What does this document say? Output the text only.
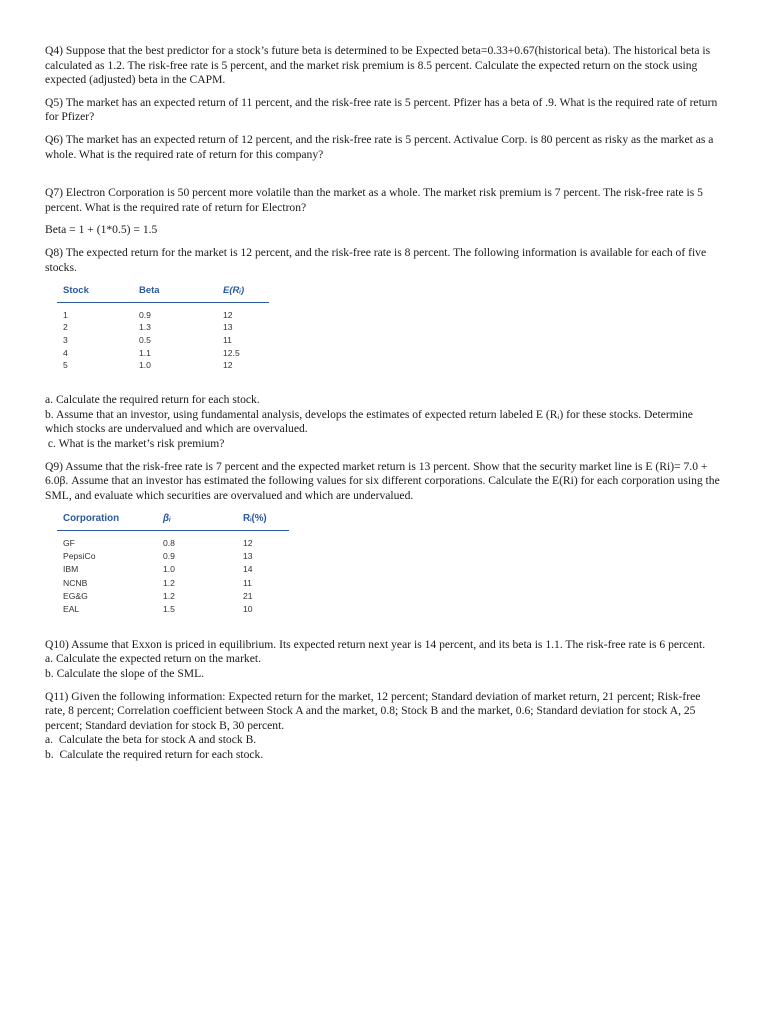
Q4) Suppose that the best predictor for a stock’s future beta is determined to be Expected beta=0.33+0.67(historical beta). The historical beta is calculated as 1.2. The risk-free rate is 5 percent, and the market risk premium is 8.5 percent. Calculate the expected return on the stock using expected (adjusted) beta in the CAPM.

Q5) The market has an expected return of 11 percent, and the risk-free rate is 5 percent. Pfizer has a beta of .9. What is the required rate of return for Pfizer?

Q6) The market has an expected return of 12 percent, and the risk-free rate is 5 percent. Activalue Corp. is 80 percent as risky as the market as a whole. What is the required rate of return for this company?

Q7) Electron Corporation is 50 percent more volatile than the market as a whole. The market risk premium is 7 percent. The risk-free rate is 5 percent. What is the required rate of return for Electron?

Beta = 1 + (1*0.5) = 1.5

Q8) The expected return for the market is 12 percent, and the risk-free rate is 8 percent. The following information is available for each of five stocks.

Stock	Beta	E(Rᵢ)
1	0.9	12
2	1.3	13
3	0.5	11
4	1.1	12.5
5	1.0	12

a. Calculate the required return for each stock.

b. Assume that an investor, using fundamental analysis, develops the estimates of expected return labeled E (Rᵢ) for these stocks. Determine which stocks are undervalued and which are overvalued.

c. What is the market’s risk premium?

Q9) Assume that the risk-free rate is 7 percent and the expected market return is 13 percent. Show that the security market line is E (Ri)= 7.0 + 6.0β. Assume that an investor has estimated the following values for six different corporations. Calculate the E(Ri) for each corporation using the SML, and evaluate which securities are overvalued and which are undervalued.

Corporation	βᵢ	Rᵢ(%)
GF	0.8	12
PepsiCo	0.9	13
IBM	1.0	14
NCNB	1.2	11
EG&G	1.2	21
EAL	1.5	10

Q10) Assume that Exxon is priced in equilibrium. Its expected return next year is 14 percent, and its beta is 1.1. The risk-free rate is 6 percent.

a. Calculate the expected return on the market.

b. Calculate the slope of the SML.

Q11) Given the following information: Expected return for the market, 12 percent; Standard deviation of market return, 21 percent; Risk-free rate, 8 percent; Correlation coefficient between Stock A and the market, 0.8; Stock B and the market, 0.6; Standard deviation for stock A, 25 percent; Standard deviation for stock B, 30 percent.

a.  Calculate the beta for stock A and stock B.

b.  Calculate the required return for each stock.
